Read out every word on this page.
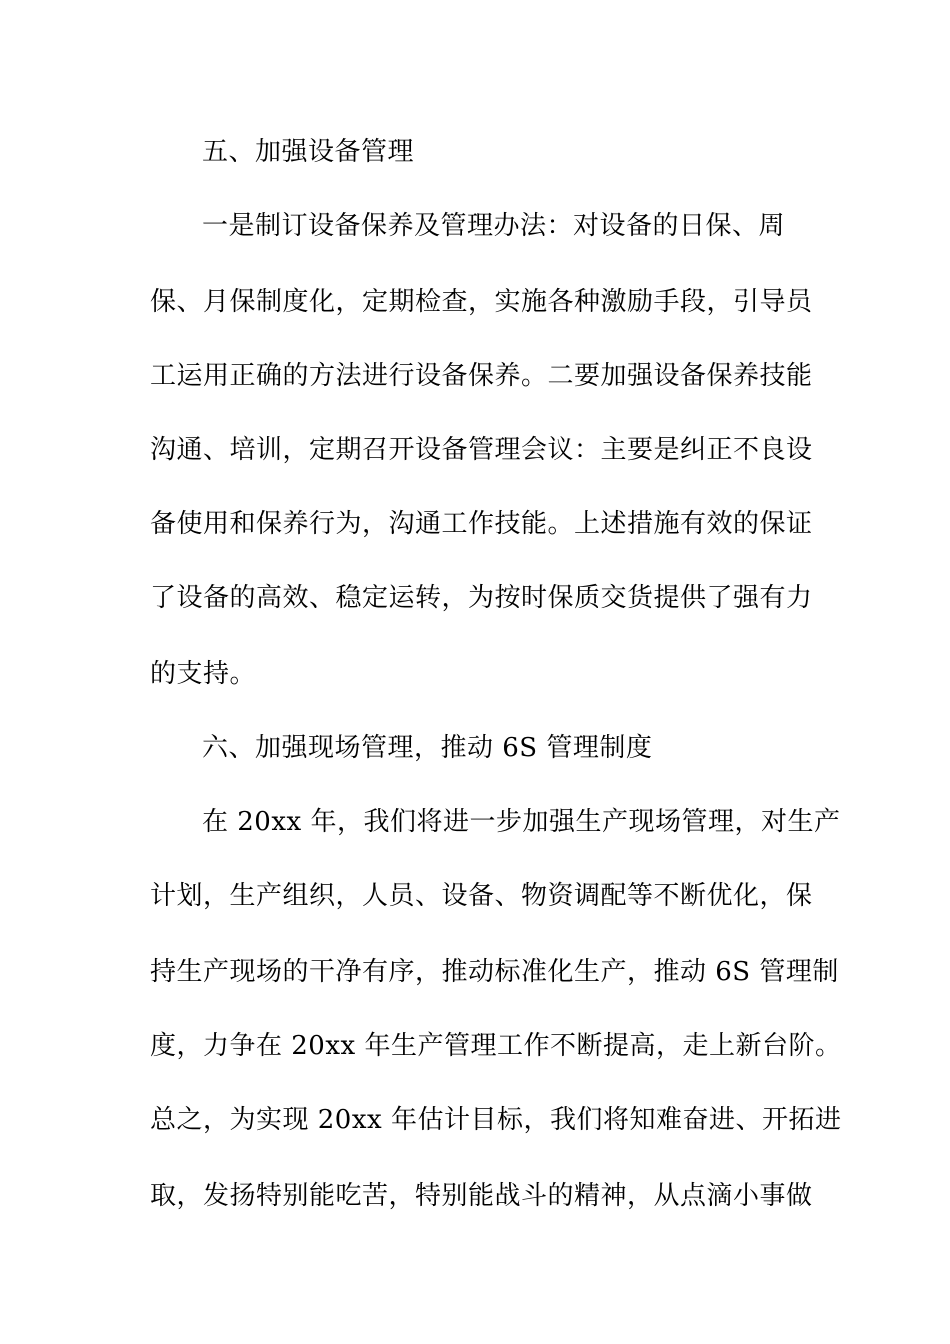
五、加强设备管理
一是制订设备保养及管理办法：对设备的日保、周
保、月保制度化，定期检查，实施各种激励手段，引导员
工运用正确的方法进行设备保养。二要加强设备保养技能
沟通、培训，定期召开设备管理会议：主要是纠正不良设
备使用和保养行为，沟通工作技能。上述措施有效的保证
了设备的高效、稳定运转，为按时保质交货提供了强有力
的支持。
六、加强现场管理，推动 6S 管理制度
在 20xx 年，我们将进一步加强生产现场管理，对生产
计划，生产组织，人员、设备、物资调配等不断优化，保
持生产现场的干净有序，推动标准化生产，推动 6S 管理制
度，力争在 20xx 年生产管理工作不断提高，走上新台阶。
总之，为实现 20xx 年估计目标，我们将知难奋进、开拓进
取，发扬特别能吃苦，特别能战斗的精神，从点滴小事做
